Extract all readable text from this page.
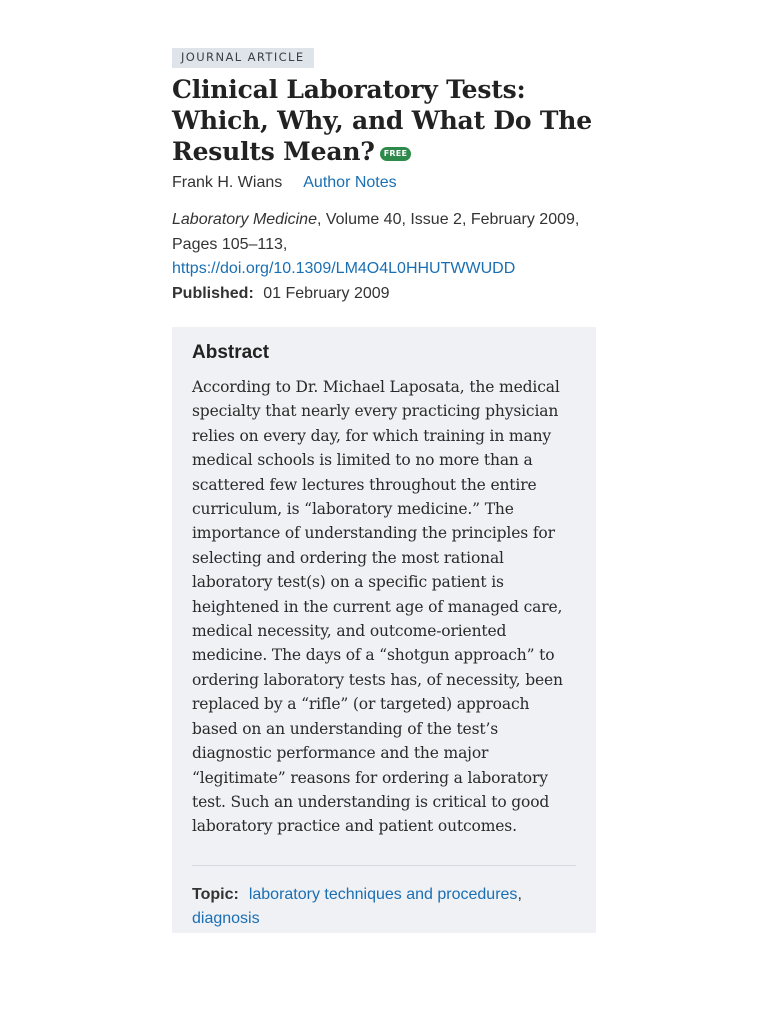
JOURNAL ARTICLE
Clinical Laboratory Tests: Which, Why, and What Do The Results Mean? FREE
Frank H. Wians Author Notes
Laboratory Medicine, Volume 40, Issue 2, February 2009, Pages 105–113,
https://doi.org/10.1309/LM4O4L0HHUTWWUDD
Published: 01 February 2009
Abstract

According to Dr. Michael Laposata, the medical specialty that nearly every practicing physician relies on every day, for which training in many medical schools is limited to no more than a scattered few lectures throughout the entire curriculum, is “laboratory medicine.” The importance of understanding the principles for selecting and ordering the most rational laboratory test(s) on a specific patient is heightened in the current age of managed care, medical necessity, and outcome-oriented medicine. The days of a “shotgun approach” to ordering laboratory tests has, of necessity, been replaced by a “rifle” (or targeted) approach based on an understanding of the test’s diagnostic performance and the major “legitimate” reasons for ordering a laboratory test. Such an understanding is critical to good laboratory practice and patient outcomes.

Topic: laboratory techniques and procedures, diagnosis
